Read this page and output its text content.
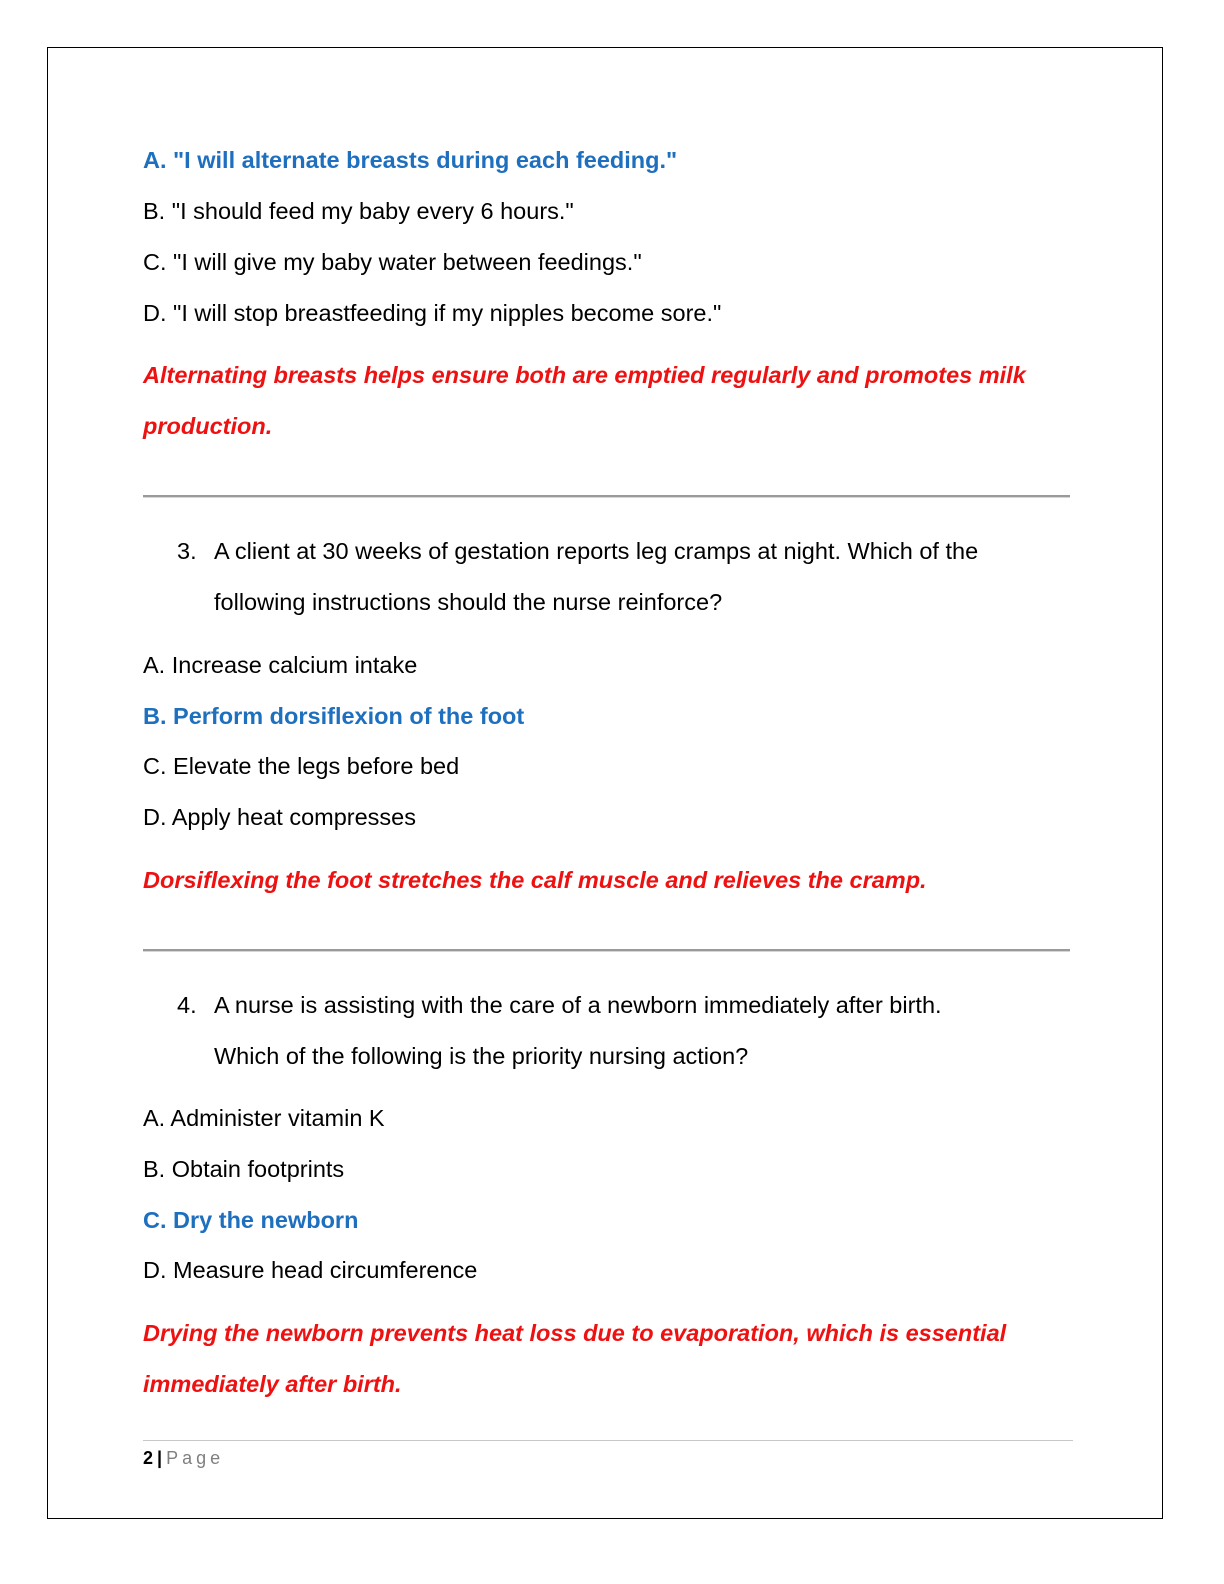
A. "I will alternate breasts during each feeding."
B. "I should feed my baby every 6 hours."
C. "I will give my baby water between feedings."
D. "I will stop breastfeeding if my nipples become sore."
Alternating breasts helps ensure both are emptied regularly and promotes milk
production.
3. A client at 30 weeks of gestation reports leg cramps at night. Which of the
following instructions should the nurse reinforce?
A. Increase calcium intake
B. Perform dorsiflexion of the foot
C. Elevate the legs before bed
D. Apply heat compresses
Dorsiflexing the foot stretches the calf muscle and relieves the cramp.
4. A nurse is assisting with the care of a newborn immediately after birth.
Which of the following is the priority nursing action?
A. Administer vitamin K
B. Obtain footprints
C. Dry the newborn
D. Measure head circumference
Drying the newborn prevents heat loss due to evaporation, which is essential
immediately after birth.
2 | Page
